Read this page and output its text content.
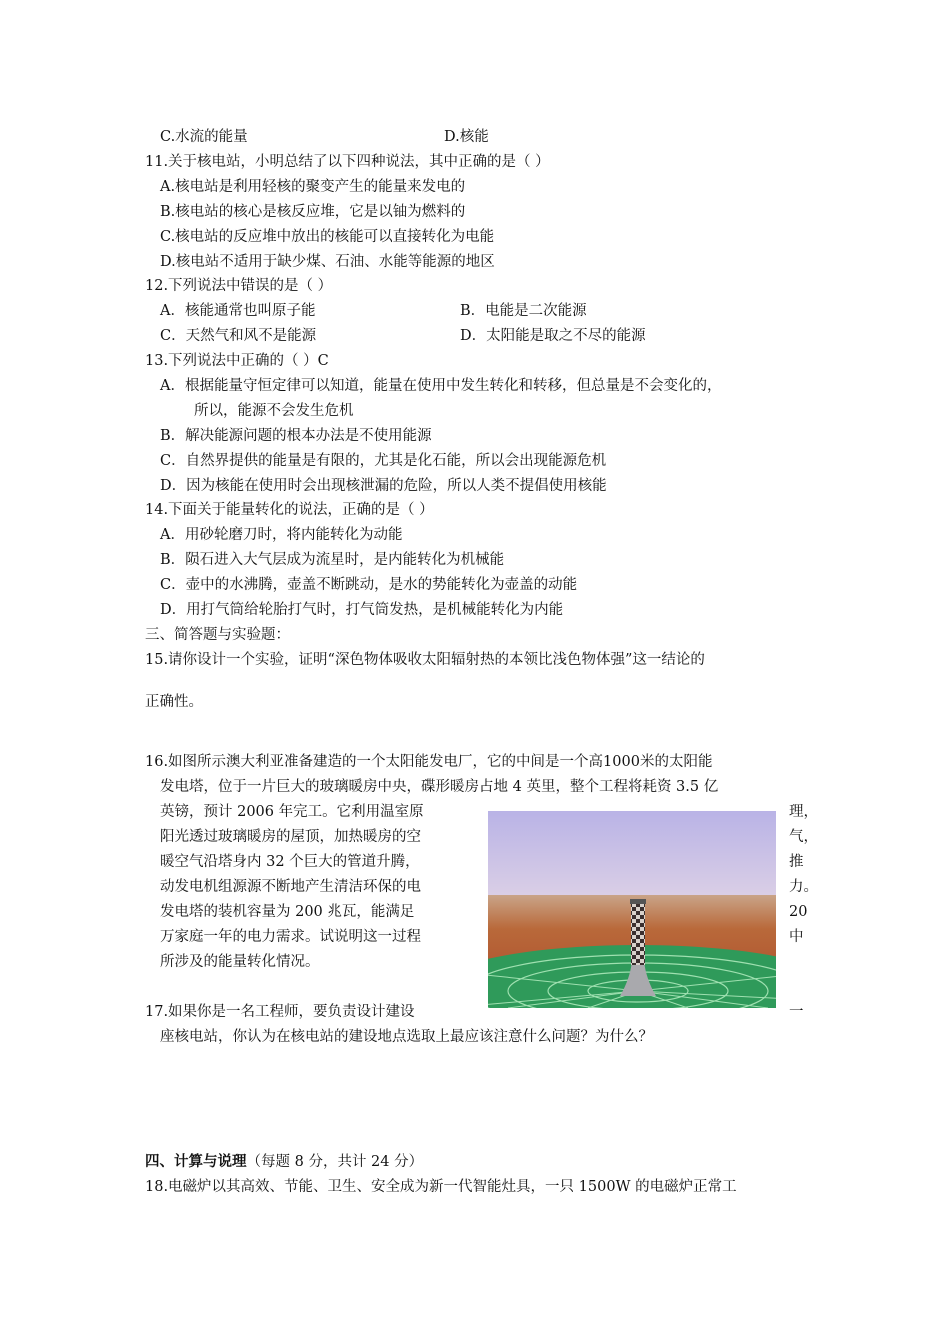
C.水流的能量	D.核能
11.关于核电站，小明总结了以下四种说法，其中正确的是（ ）
A.核电站是利用轻核的聚变产生的能量来发电的
B.核电站的核心是核反应堆，它是以铀为燃料的
C.核电站的反应堆中放出的核能可以直接转化为电能
D.核电站不适用于缺少煤、石油、水能等能源的地区
12.下列说法中错误的是（ ）
A．核能通常也叫原子能	B．电能是二次能源
C．天然气和风不是能源	D．太阳能是取之不尽的能源
13.下列说法中正确的（ ）C
A．根据能量守恒定律可以知道，能量在使用中发生转化和转移，但总量是不会变化的，
所以，能源不会发生危机
B．解决能源问题的根本办法是不使用能源
C．自然界提供的能量是有限的，尤其是化石能，所以会出现能源危机
D．因为核能在使用时会出现核泄漏的危险，所以人类不提倡使用核能
14.下面关于能量转化的说法，正确的是（ ）
A．用砂轮磨刀时，将内能转化为动能
B．陨石进入大气层成为流星时，是内能转化为机械能
C．壶中的水沸腾，壶盖不断跳动，是水的势能转化为壶盖的动能
D．用打气筒给轮胎打气时，打气筒发热，是机械能转化为内能
三、简答题与实验题：
15.请你设计一个实验，证明“深色物体吸收太阳辐射热的本领比浅色物体强”这一结论的
正确性。
16.如图所示澳大利亚准备建造的一个太阳能发电厂，它的中间是一个高1000米的太阳能
发电塔，位于一片巨大的玻璃暖房中央，碟形暖房占地 4 英里，整个工程将耗资 3.5 亿
英镑，预计 2006 年完工。它利用温室原	理，
阳光透过玻璃暖房的屋顶，加热暖房的空	气，
暖空气沿塔身内 32 个巨大的管道升腾，	推
动发电机组源源不断地产生清洁环保的电	力。
发电塔的装机容量为 200 兆瓦，能满足	20
万家庭一年的电力需求。试说明这一过程	中
所涉及的能量转化情况。
17.如果你是一名工程师，要负责设计建设	一
座核电站，你认为在核电站的建设地点选取上最应该注意什么问题？为什么？
四、计算与说理（每题 8 分，共计 24 分）
18.电磁炉以其高效、节能、卫生、安全成为新一代智能灶具，一只 1500W 的电磁炉正常工
